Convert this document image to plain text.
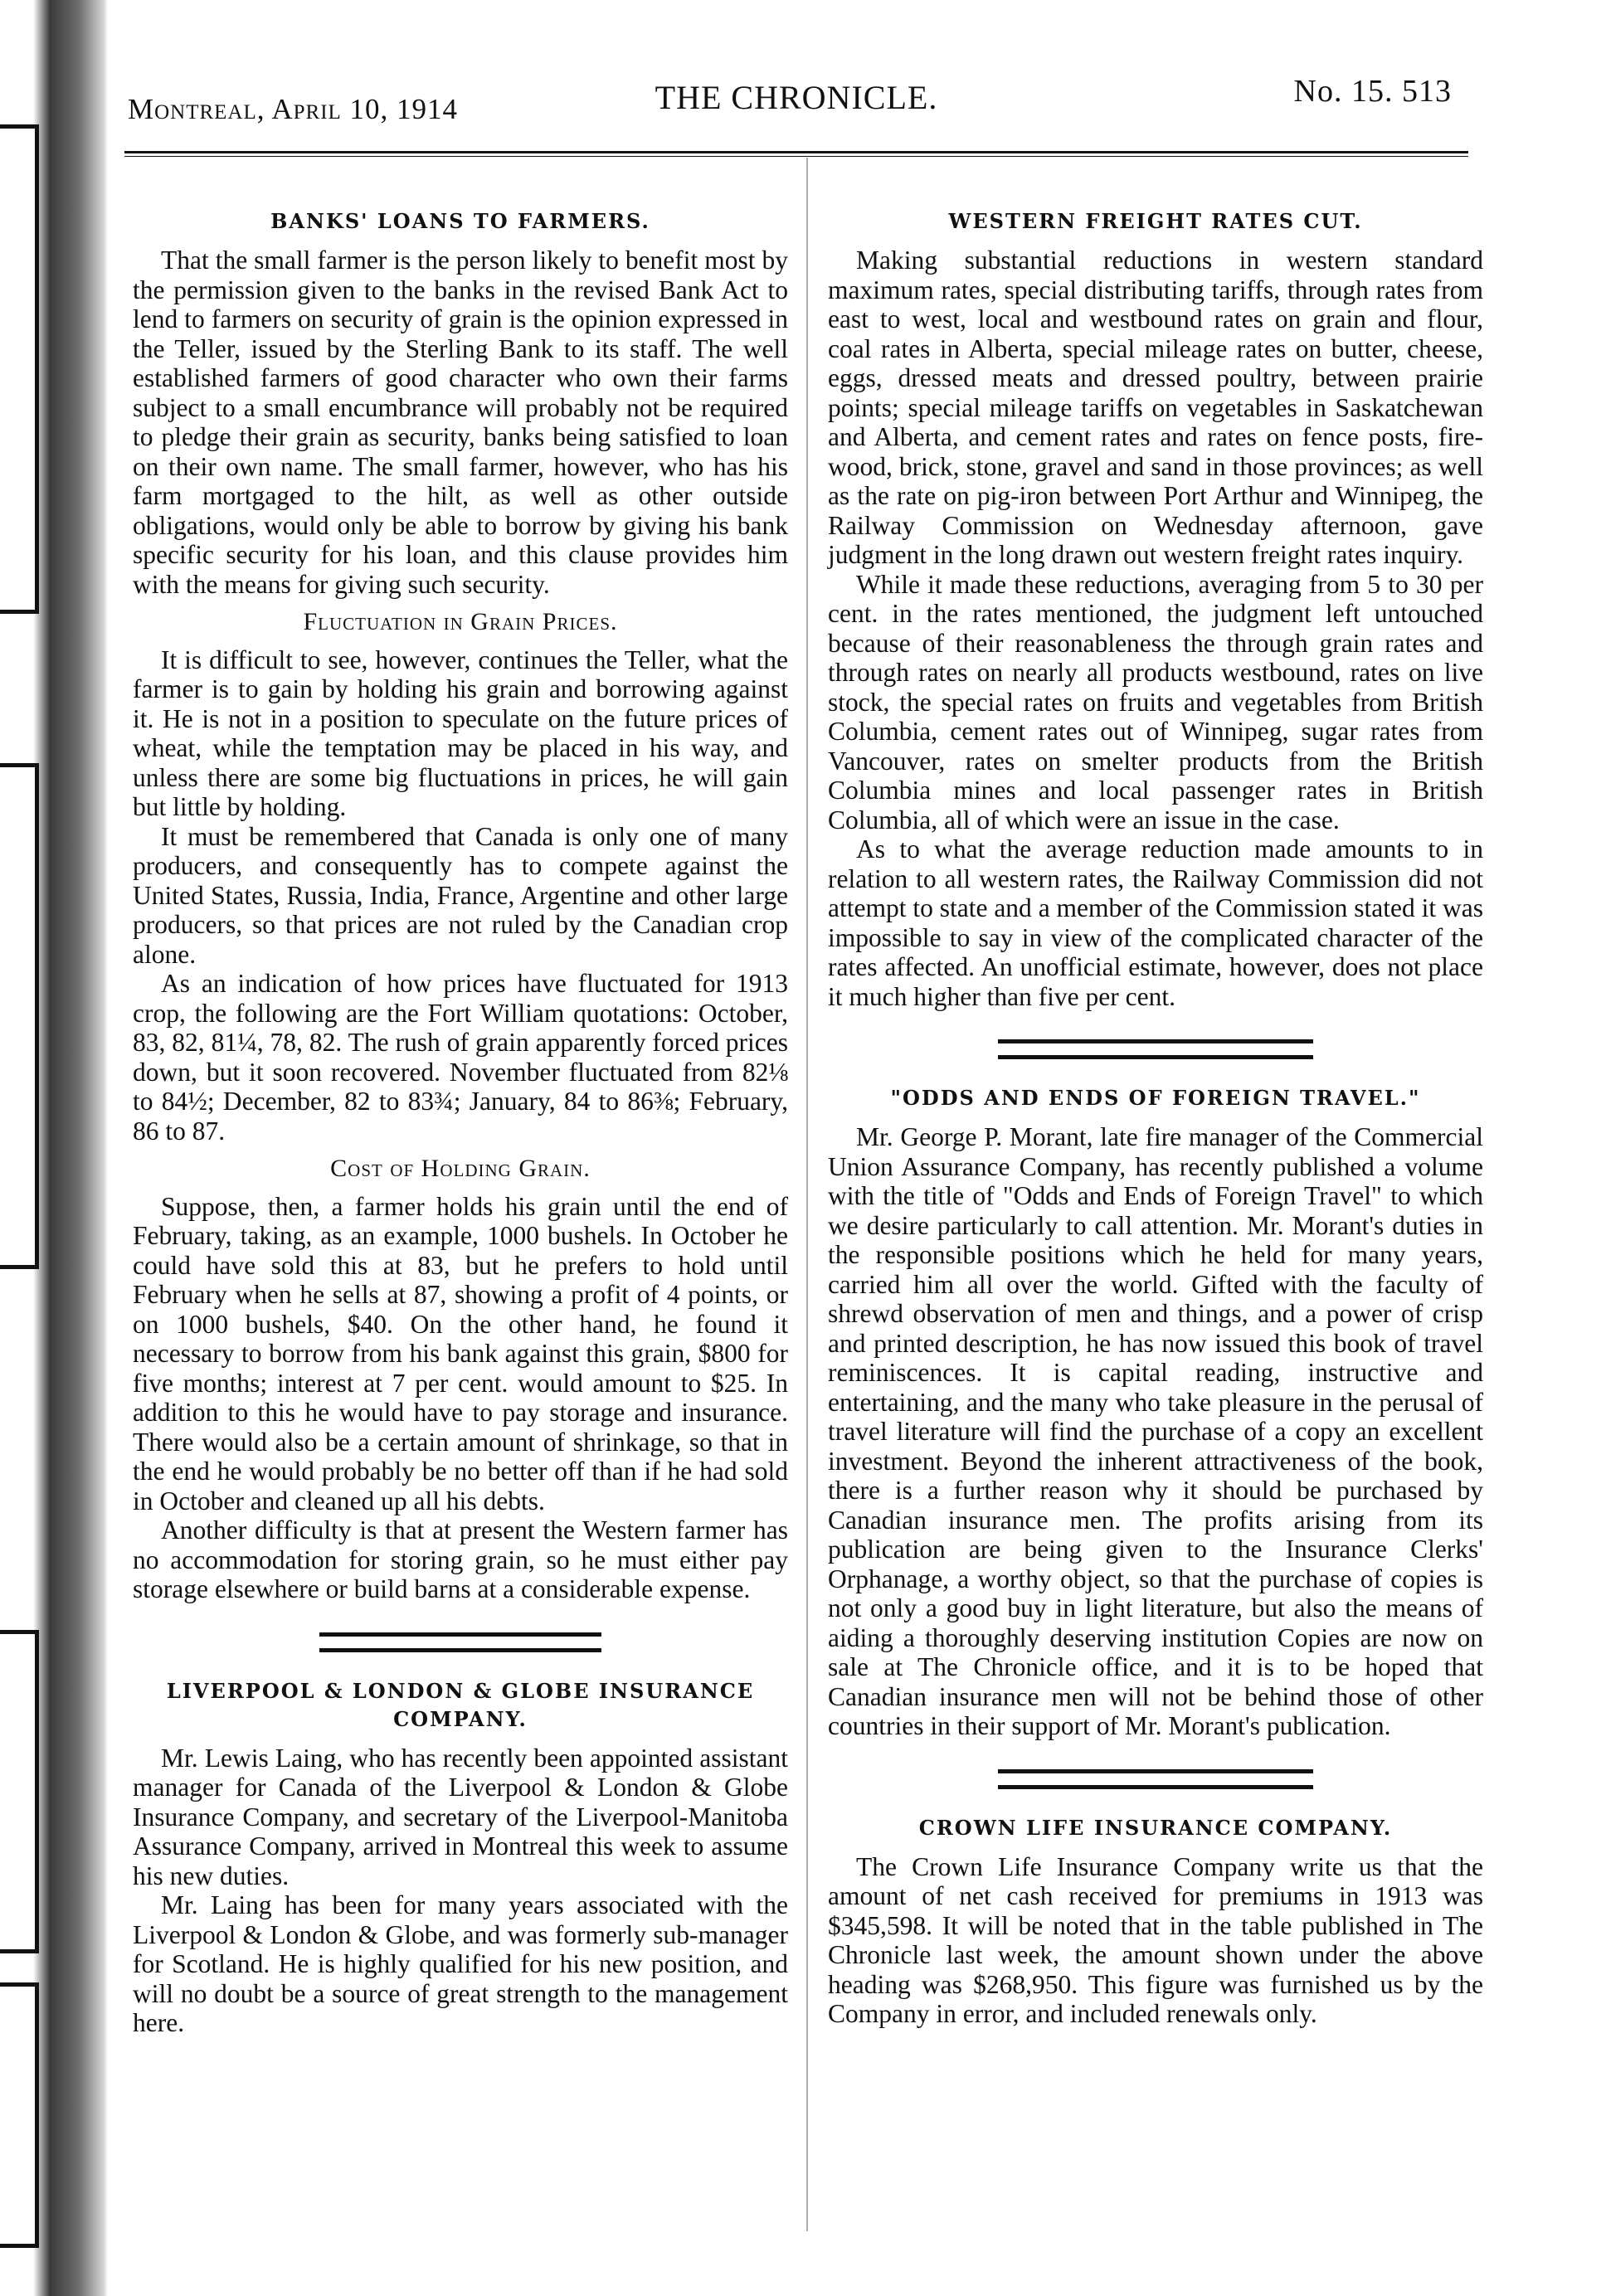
Montreal, April 10, 1914	THE CHRONICLE.	No. 15. 513
BANKS' LOANS TO FARMERS.

That the small farmer is the person likely to benefit most by the permission given to the banks in the revised Bank Act to lend to farmers on security of grain is the opinion expressed in the Teller, issued by the Sterling Bank to its staff. The well established farmers of good character who own their farms subject to a small encumbrance will probably not be required to pledge their grain as security, banks being satisfied to loan on their own name. The small farmer, however, who has his farm mortgaged to the hilt, as well as other outside obligations, would only be able to borrow by giving his bank specific security for his loan, and this clause provides him with the means for giving such security.

Fluctuation in Grain Prices.

It is difficult to see, however, continues the Teller, what the farmer is to gain by holding his grain and borrowing against it. He is not in a position to speculate on the future prices of wheat, while the temptation may be placed in his way, and unless there are some big fluctuations in prices, he will gain but little by holding.

It must be remembered that Canada is only one of many producers, and consequently has to compete against the United States, Russia, India, France, Argentine and other large producers, so that prices are not ruled by the Canadian crop alone.

As an indication of how prices have fluctuated for 1913 crop, the following are the Fort William quotations: October, 83, 82, 81¼, 78, 82. The rush of grain apparently forced prices down, but it soon recovered. November fluctuated from 82⅛ to 84½; December, 82 to 83¾; January, 84 to 86⅜; February, 86 to 87.

Cost of Holding Grain.

Suppose, then, a farmer holds his grain until the end of February, taking, as an example, 1000 bushels. In October he could have sold this at 83, but he prefers to hold until February when he sells at 87, showing a profit of 4 points, or on 1000 bushels, $40. On the other hand, he found it necessary to borrow from his bank against this grain, $800 for five months; interest at 7 per cent. would amount to $25. In addition to this he would have to pay storage and insurance. There would also be a certain amount of shrinkage, so that in the end he would probably be no better off than if he had sold in October and cleaned up all his debts.

Another difficulty is that at present the Western farmer has no accommodation for storing grain, so he must either pay storage elsewhere or build barns at a considerable expense.

LIVERPOOL & LONDON & GLOBE INSURANCE COMPANY.

Mr. Lewis Laing, who has recently been appointed assistant manager for Canada of the Liverpool & London & Globe Insurance Company, and secretary of the Liverpool-Manitoba Assurance Company, arrived in Montreal this week to assume his new duties.

Mr. Laing has been for many years associated with the Liverpool & London & Globe, and was formerly sub-manager for Scotland. He is highly qualified for his new position, and will no doubt be a source of great strength to the management here.

WESTERN FREIGHT RATES CUT.

Making substantial reductions in western standard maximum rates, special distributing tariffs, through rates from east to west, local and westbound rates on grain and flour, coal rates in Alberta, special mileage rates on butter, cheese, eggs, dressed meats and dressed poultry, between prairie points; special mileage tariffs on vegetables in Saskatchewan and Alberta, and cement rates and rates on fence posts, fire-wood, brick, stone, gravel and sand in those provinces; as well as the rate on pig-iron between Port Arthur and Winnipeg, the Railway Commission on Wednesday afternoon, gave judgment in the long drawn out western freight rates inquiry.

While it made these reductions, averaging from 5 to 30 per cent. in the rates mentioned, the judgment left untouched because of their reasonableness the through grain rates and through rates on nearly all products westbound, rates on live stock, the special rates on fruits and vegetables from British Columbia, cement rates out of Winnipeg, sugar rates from Vancouver, rates on smelter products from the British Columbia mines and local passenger rates in British Columbia, all of which were an issue in the case.

As to what the average reduction made amounts to in relation to all western rates, the Railway Commission did not attempt to state and a member of the Commission stated it was impossible to say in view of the complicated character of the rates affected. An unofficial estimate, however, does not place it much higher than five per cent.

"ODDS AND ENDS OF FOREIGN TRAVEL."

Mr. George P. Morant, late fire manager of the Commercial Union Assurance Company, has recently published a volume with the title of "Odds and Ends of Foreign Travel" to which we desire particularly to call attention. Mr. Morant's duties in the responsible positions which he held for many years, carried him all over the world. Gifted with the faculty of shrewd observation of men and things, and a power of crisp and printed description, he has now issued this book of travel reminiscences. It is capital reading, instructive and entertaining, and the many who take pleasure in the perusal of travel literature will find the purchase of a copy an excellent investment. Beyond the inherent attractiveness of the book, there is a further reason why it should be purchased by Canadian insurance men. The profits arising from its publication are being given to the Insurance Clerks' Orphanage, a worthy object, so that the purchase of copies is not only a good buy in light literature, but also the means of aiding a thoroughly deserving institution Copies are now on sale at The Chronicle office, and it is to be hoped that Canadian insurance men will not be behind those of other countries in their support of Mr. Morant's publication.

CROWN LIFE INSURANCE COMPANY.

The Crown Life Insurance Company write us that the amount of net cash received for premiums in 1913 was $345,598. It will be noted that in the table published in The Chronicle last week, the amount shown under the above heading was $268,950. This figure was furnished us by the Company in error, and included renewals only.
